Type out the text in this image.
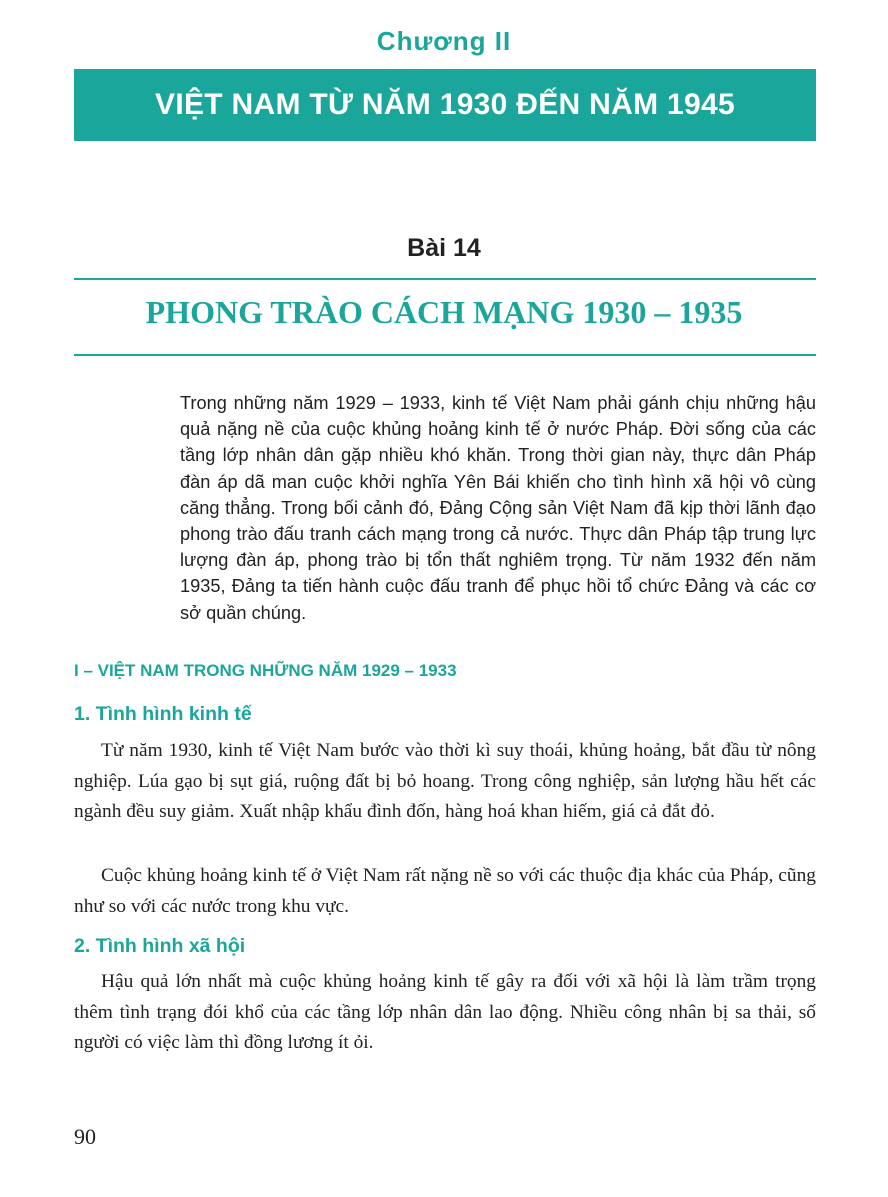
Chương II
VIỆT NAM TỪ NĂM 1930 ĐẾN NĂM 1945
Bài 14
PHONG TRÀO CÁCH MẠNG 1930 – 1935
Trong những năm 1929 – 1933, kinh tế Việt Nam phải gánh chịu những hậu quả nặng nề của cuộc khủng hoảng kinh tế ở nước Pháp. Đời sống của các tầng lớp nhân dân gặp nhiều khó khăn. Trong thời gian này, thực dân Pháp đàn áp dã man cuộc khởi nghĩa Yên Bái khiến cho tình hình xã hội vô cùng căng thẳng. Trong bối cảnh đó, Đảng Cộng sản Việt Nam đã kịp thời lãnh đạo phong trào đấu tranh cách mạng trong cả nước. Thực dân Pháp tập trung lực lượng đàn áp, phong trào bị tổn thất nghiêm trọng. Từ năm 1932 đến năm 1935, Đảng ta tiến hành cuộc đấu tranh để phục hồi tổ chức Đảng và các cơ sở quần chúng.
I – VIỆT NAM TRONG NHỮNG NĂM 1929 – 1933
1. Tình hình kinh tế

Từ năm 1930, kinh tế Việt Nam bước vào thời kì suy thoái, khủng hoảng, bắt đầu từ nông nghiệp. Lúa gạo bị sụt giá, ruộng đất bị bỏ hoang. Trong công nghiệp, sản lượng hầu hết các ngành đều suy giảm. Xuất nhập khẩu đình đốn, hàng hoá khan hiếm, giá cả đắt đỏ.

Cuộc khủng hoảng kinh tế ở Việt Nam rất nặng nề so với các thuộc địa khác của Pháp, cũng như so với các nước trong khu vực.

2. Tình hình xã hội

Hậu quả lớn nhất mà cuộc khủng hoảng kinh tế gây ra đối với xã hội là làm trầm trọng thêm tình trạng đói khổ của các tầng lớp nhân dân lao động. Nhiều công nhân bị sa thải, số người có việc làm thì đồng lương ít ỏi.

90
